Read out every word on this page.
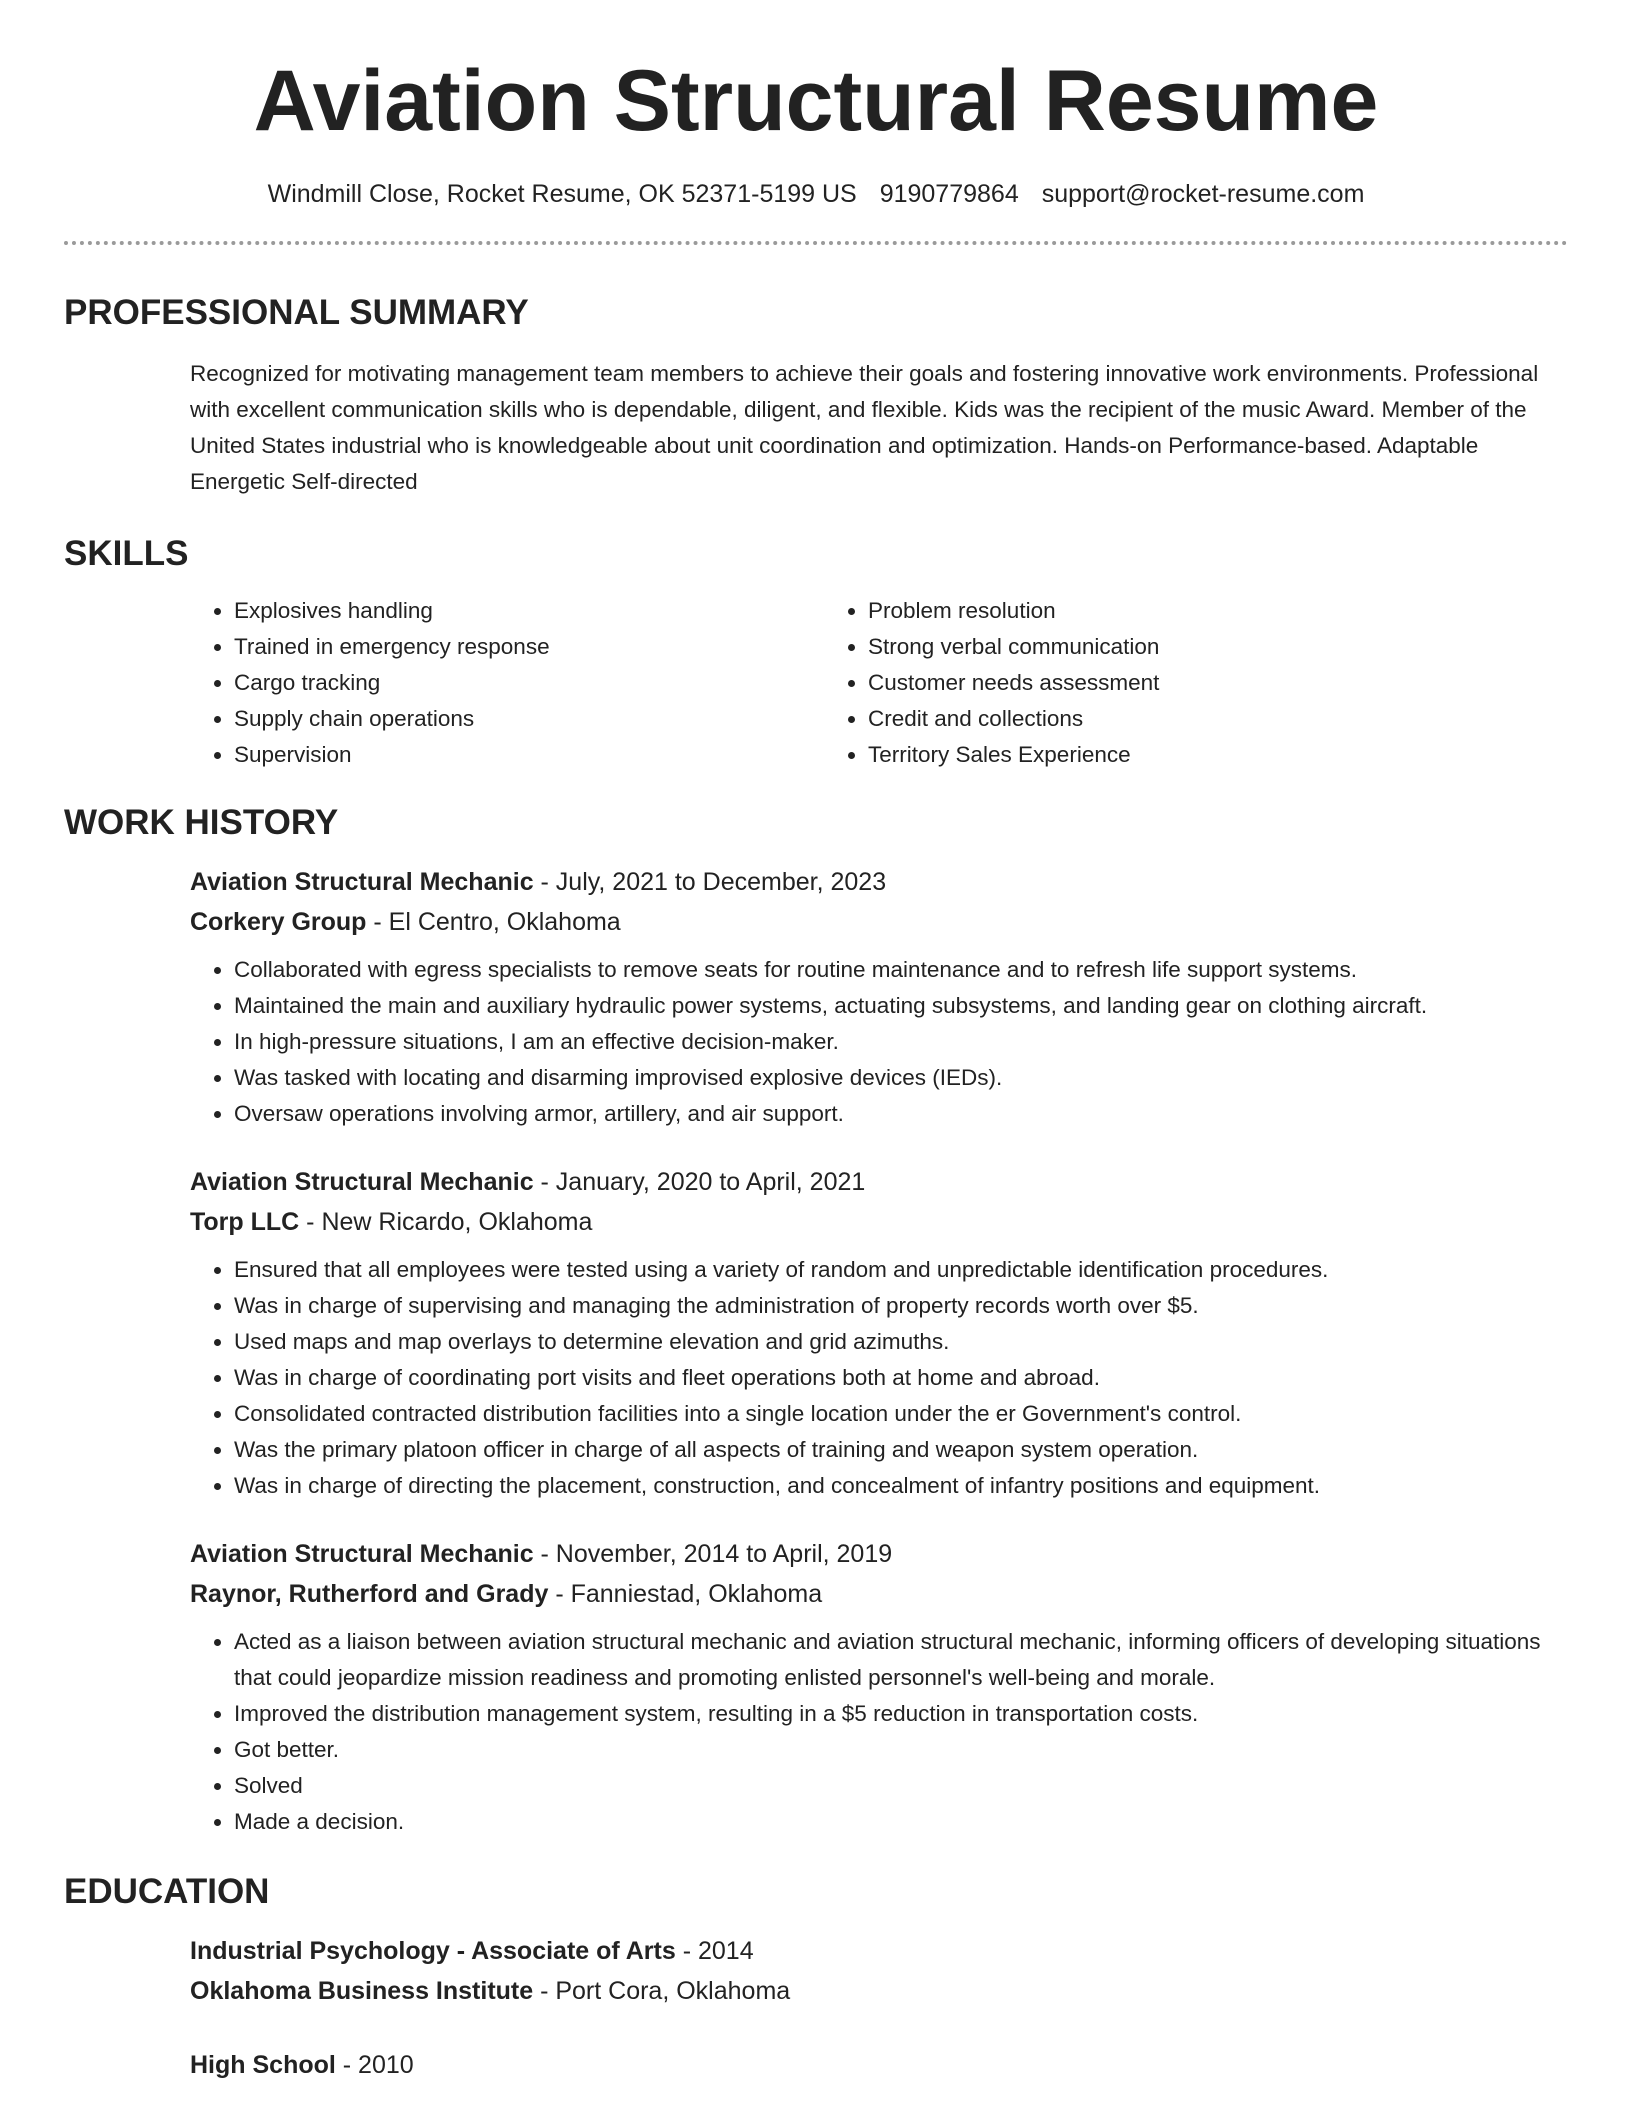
Aviation Structural Resume
Windmill Close, Rocket Resume, OK 52371-5199 US 9190779864 support@rocket-resume.com
PROFESSIONAL SUMMARY
Recognized for motivating management team members to achieve their goals and fostering innovative work environments. Professional with excellent communication skills who is dependable, diligent, and flexible. Kids was the recipient of the music Award. Member of the United States industrial who is knowledgeable about unit coordination and optimization. Hands-on Performance-based. Adaptable Energetic Self-directed
SKILLS
• Explosives handling
• Trained in emergency response
• Cargo tracking
• Supply chain operations
• Supervision
• Problem resolution
• Strong verbal communication
• Customer needs assessment
• Credit and collections
• Territory Sales Experience
WORK HISTORY
Aviation Structural Mechanic - July, 2021 to December, 2023
Corkery Group - El Centro, Oklahoma
• Collaborated with egress specialists to remove seats for routine maintenance and to refresh life support systems.
• Maintained the main and auxiliary hydraulic power systems, actuating subsystems, and landing gear on clothing aircraft.
• In high-pressure situations, I am an effective decision-maker.
• Was tasked with locating and disarming improvised explosive devices (IEDs).
• Oversaw operations involving armor, artillery, and air support.
Aviation Structural Mechanic - January, 2020 to April, 2021
Torp LLC - New Ricardo, Oklahoma
• Ensured that all employees were tested using a variety of random and unpredictable identification procedures.
• Was in charge of supervising and managing the administration of property records worth over $5.
• Used maps and map overlays to determine elevation and grid azimuths.
• Was in charge of coordinating port visits and fleet operations both at home and abroad.
• Consolidated contracted distribution facilities into a single location under the er Government's control.
• Was the primary platoon officer in charge of all aspects of training and weapon system operation.
• Was in charge of directing the placement, construction, and concealment of infantry positions and equipment.
Aviation Structural Mechanic - November, 2014 to April, 2019
Raynor, Rutherford and Grady - Fanniestad, Oklahoma
• Acted as a liaison between aviation structural mechanic and aviation structural mechanic, informing officers of developing situations that could jeopardize mission readiness and promoting enlisted personnel's well-being and morale.
• Improved the distribution management system, resulting in a $5 reduction in transportation costs.
• Got better.
• Solved
• Made a decision.
EDUCATION
Industrial Psychology - Associate of Arts - 2014
Oklahoma Business Institute - Port Cora, Oklahoma
High School - 2010
